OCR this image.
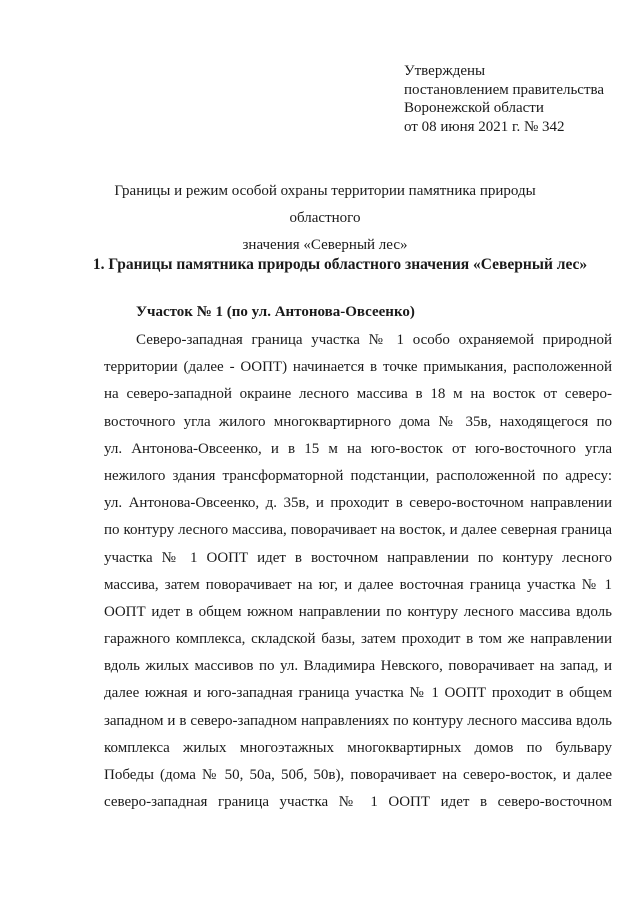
Утверждены
постановлением правительства
Воронежской области
от 08 июня 2021 г. № 342
Границы и режим особой охраны территории памятника природы областного
значения «Северный лес»
1. Границы памятника природы областного значения «Северный лес»
Участок № 1 (по ул. Антонова-Овсеенко)
Северо-западная граница участка № 1 особо охраняемой природной
территории (далее - ООПТ) начинается в точке примыкания, расположенной
на северо-западной окраине лесного массива в 18 м на восток от северо-
восточного угла жилого многоквартирного дома № 35в, находящегося по
ул. Антонова-Овсеенко, и в 15 м на юго-восток от юго-восточного угла
нежилого здания трансформаторной подстанции, расположенной по адресу:
ул. Антонова-Овсеенко, д. 35в, и проходит в северо-восточном направлении
по контуру лесного массива, поворачивает на восток, и далее северная граница
участка № 1 ООПТ идет в восточном направлении по контуру лесного
массива, затем поворачивает на юг, и далее восточная граница участка № 1
ООПТ идет в общем южном направлении по контуру лесного массива вдоль
гаражного комплекса, складской базы, затем проходит в том же направлении
вдоль жилых массивов по ул. Владимира Невского, поворачивает на запад, и
далее южная и юго-западная граница участка № 1 ООПТ проходит в общем
западном и в северо-западном направлениях по контуру лесного массива вдоль
комплекса жилых многоэтажных многоквартирных домов по бульвару
Победы (дома № 50, 50а, 50б, 50в), поворачивает на северо-восток, и далее
северо-западная граница участка № 1 ООПТ идет в северо-восточном
